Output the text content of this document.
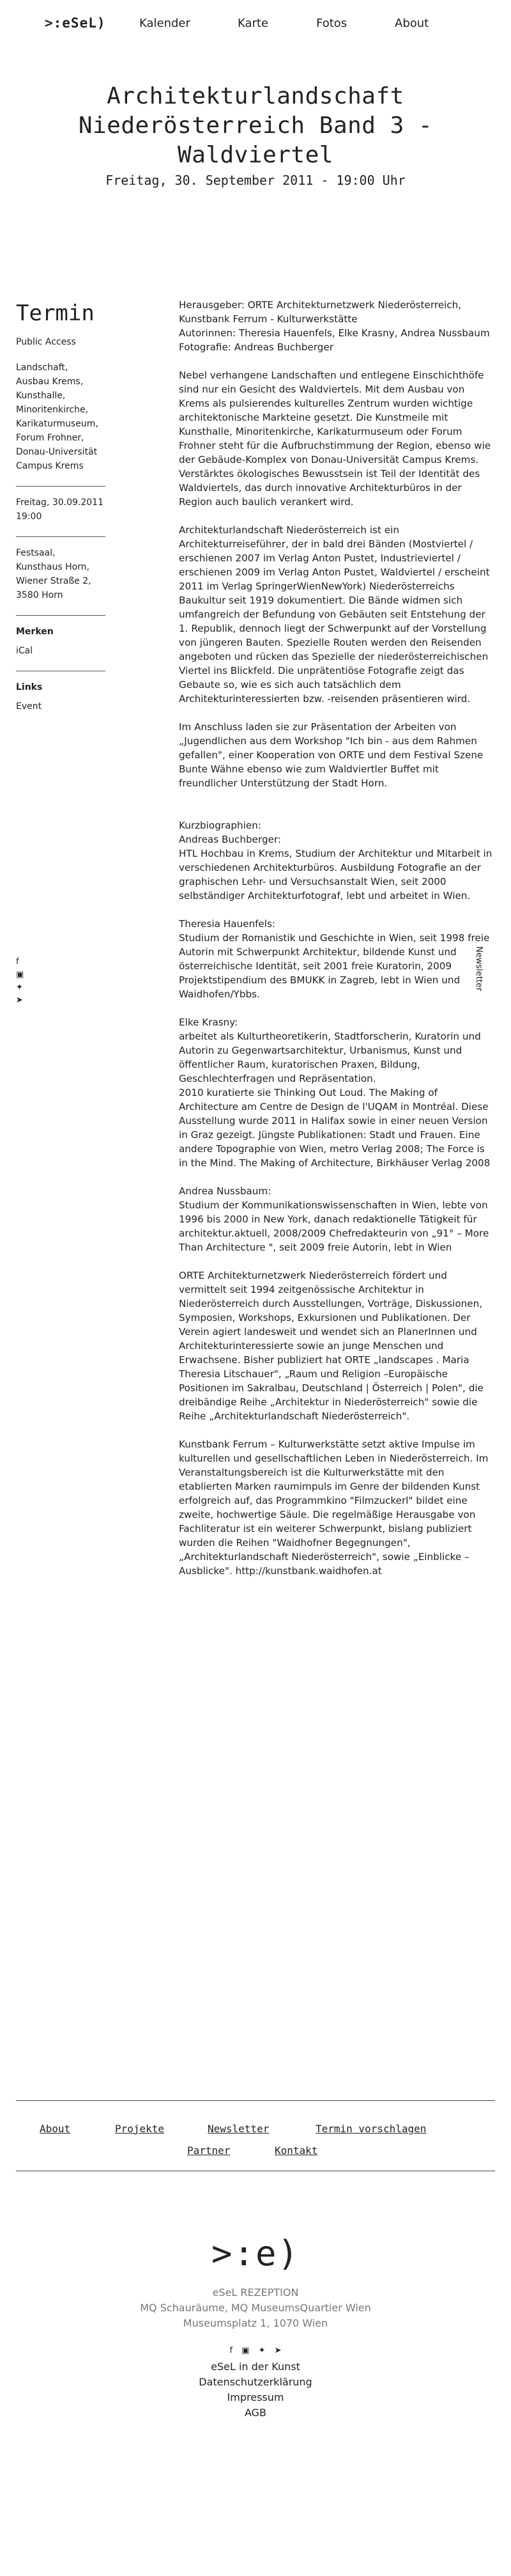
>:eSeL)	Kalender	Karte	Fotos	About
Architekturlandschaft
Niederösterreich Band 3 - Waldviertel
Freitag, 30. September 2011 - 19:00 Uhr
Termin

Public Access

Landschaft,
Ausbau Krems,
Kunsthalle,
Minoritenkirche,
Karikaturmuseum,
Forum Frohner,
Donau-Universität
Campus Krems

Freitag, 30.09.2011
19:00

Festsaal,
Kunsthaus Horn,
Wiener Straße 2,
3580 Horn

Merken

iCal

Links

Event

f
▣
✦
➤
Newsletter

Herausgeber: ORTE Architekturnetzwerk Niederösterreich, Kunstbank Ferrum - Kulturwerkstätte
Autorinnen: Theresia Hauenfels, Elke Krasny, Andrea Nussbaum
Fotografie: Andreas Buchberger

Nebel verhangene Landschaften und entlegene Einschichthöfe sind nur ein Gesicht des Waldviertels. Mit dem Ausbau von Krems als pulsierendes kulturelles Zentrum wurden wichtige architektonische Markteine gesetzt. Die Kunstmeile mit Kunsthalle, Minoritenkirche, Karikaturmuseum oder Forum Frohner steht für die Aufbruchstimmung der Region, ebenso wie der Gebäude-Komplex von Donau-Universität Campus Krems. Verstärktes ökologisches Bewusstsein ist Teil der Identität des Waldviertels, das durch innovative Architekturbüros in der Region auch baulich verankert wird.

Architekturlandschaft Niederösterreich ist ein Architekturreiseführer, der in bald drei Bänden (Mostviertel / erschienen 2007 im Verlag Anton Pustet, Industrieviertel / erschienen 2009 im Verlag Anton Pustet, Waldviertel / erscheint 2011 im Verlag SpringerWienNewYork) Niederösterreichs Baukultur seit 1919 dokumentiert. Die Bände widmen sich umfangreich der Befundung von Gebäuten seit Entstehung der 1. Republik, dennoch liegt der Schwerpunkt auf der Vorstellung von jüngeren Bauten. Spezielle Routen werden den Reisenden angeboten und rücken das Spezielle der niederösterreichischen Viertel ins Blickfeld. Die unprätentiöse Fotografie zeigt das Gebaute so, wie es sich auch tatsächlich dem Architekturinteressierten bzw. -reisenden präsentieren wird.

Im Anschluss laden sie zur Präsentation der Arbeiten von „Jugendlichen aus dem Workshop "Ich bin - aus dem Rahmen gefallen", einer Kooperation von ORTE und dem Festival Szene Bunte Wähne ebenso wie zum Waldviertler Buffet mit freundlicher Unterstützung der Stadt Horn.

Kurzbiographien:
Andreas Buchberger:
HTL Hochbau in Krems, Studium der Architektur und Mitarbeit in verschiedenen Architekturbüros. Ausbildung Fotografie an der graphischen Lehr- und Versuchsanstalt Wien, seit 2000 selbständiger Architekturfotograf, lebt und arbeitet in Wien.

Theresia Hauenfels:
Studium der Romanistik und Geschichte in Wien, seit 1998 freie Autorin mit Schwerpunkt Architektur, bildende Kunst und österreichische Identität, seit 2001 freie Kuratorin, 2009 Projektstipendium des BMUKK in Zagreb, lebt in Wien und Waidhofen/Ybbs.

Elke Krasny:
arbeitet als Kulturtheoretikerin, Stadtforscherin, Kuratorin und Autorin zu Gegenwartsarchitektur, Urbanismus, Kunst und öffentlicher Raum, kuratorischen Praxen, Bildung, Geschlechterfragen und Repräsentation.
2010 kuratierte sie Thinking Out Loud. The Making of Architecture am Centre de Design de l'UQAM in Montréal. Diese Ausstellung wurde 2011 in Halifax sowie in einer neuen Version in Graz gezeigt. Jüngste Publikationen: Stadt und Frauen. Eine andere Topographie von Wien, metro Verlag 2008; The Force is in the Mind. The Making of Architecture, Birkhäuser Verlag 2008

Andrea Nussbaum:
Studium der Kommunikationswissenschaften in Wien, lebte von 1996 bis 2000 in New York, danach redaktionelle Tätigkeit für architektur.aktuell, 2008/2009 Chefredakteurin von „91° – More Than Architecture ", seit 2009 freie Autorin, lebt in Wien

ORTE Architekturnetzwerk Niederösterreich fördert und vermittelt seit 1994 zeitgenössische Architektur in Niederösterreich durch Ausstellungen, Vorträge, Diskussionen, Symposien, Workshops, Exkursionen und Publikationen. Der Verein agiert landesweit und wendet sich an PlanerInnen und Architekturinteressierte sowie an junge Menschen und Erwachsene. Bisher publiziert hat ORTE „landscapes . Maria Theresia Litschauer", „Raum und Religion –Europäische Positionen im Sakralbau, Deutschland | Österreich | Polen", die dreibändige Reihe „Architektur in Niederösterreich" sowie die Reihe „Architekturlandschaft Niederösterreich".

Kunstbank Ferrum – Kulturwerkstätte setzt aktive Impulse im kulturellen und gesellschaftlichen Leben in Niederösterreich. Im Veranstaltungsbereich ist die Kulturwerkstätte mit den etablierten Marken raumimpuls im Genre der bildenden Kunst erfolgreich auf, das Programmkino "Filmzuckerl" bildet eine zweite, hochwertige Säule. Die regelmäßige Herausgabe von Fachliteratur ist ein weiterer Schwerpunkt, bislang publiziert wurden die Reihen "Waidhofner Begegnungen", „Architekturlandschaft Niederösterreich", sowie „Einblicke – Ausblicke". http://kunstbank.waidhofen.at

About	Projekte	Newsletter	Termin vorschlagen
Partner	Kontakt
>:e)
eSeL REZEPTION
MQ Schauräume, MQ MuseumsQuartier Wien
Museumsplatz 1, 1070 Wien
f ▣ ✦ ➤
eSeL in der Kunst
Datenschutzerklärung
Impressum
AGB
